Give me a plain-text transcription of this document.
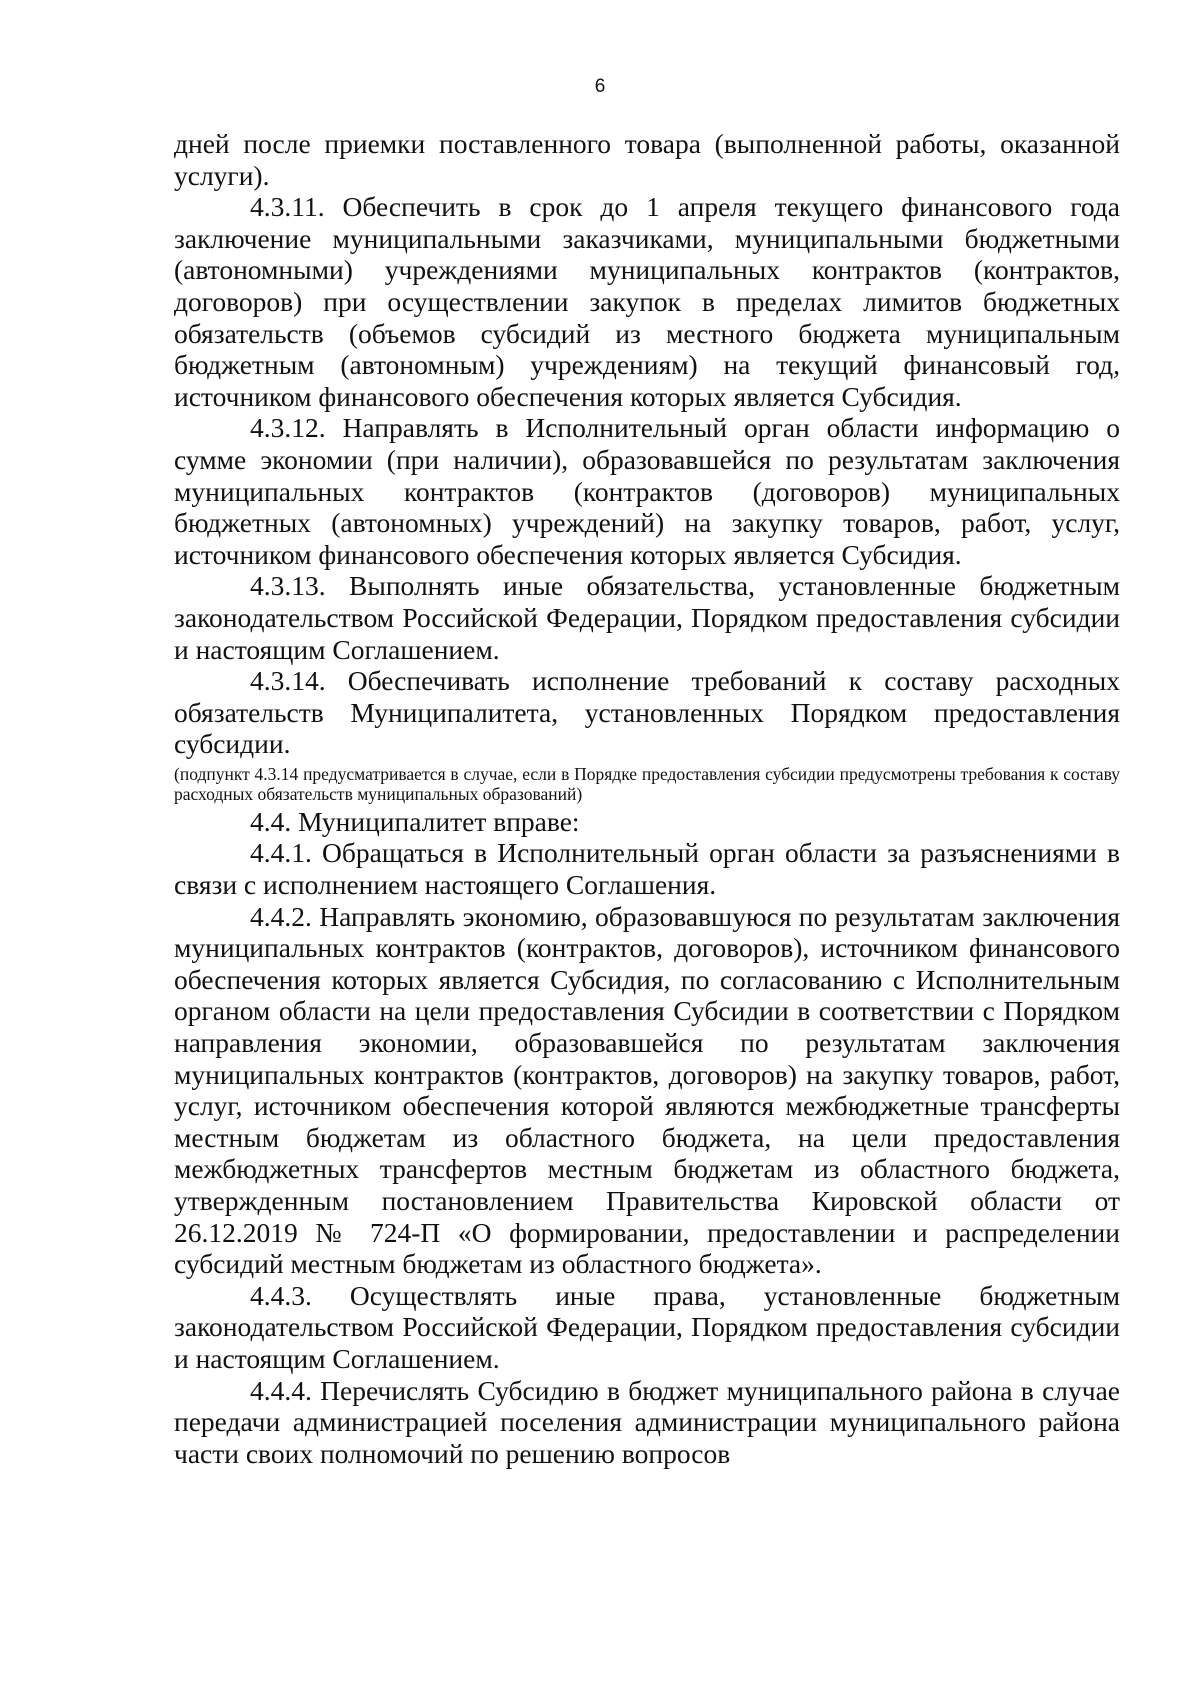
6

дней после приемки поставленного товара (выполненной работы, оказанной услуги).

4.3.11. Обеспечить в срок до 1 апреля текущего финансового года заключение муниципальными заказчиками, муниципальными бюджетными (автономными) учреждениями муниципальных контрактов (контрактов, договоров) при осуществлении закупок в пределах лимитов бюджетных обязательств (объемов субсидий из местного бюджета муниципальным бюджетным (автономным) учреждениям) на текущий финансовый год, источником финансового обеспечения которых является Субсидия.

4.3.12. Направлять в Исполнительный орган области информацию о сумме экономии (при наличии), образовавшейся по результатам заключения муниципальных контрактов (контрактов (договоров) муниципальных бюджетных (автономных) учреждений) на закупку товаров, работ, услуг, источником финансового обеспечения которых является Субсидия.

4.3.13. Выполнять иные обязательства, установленные бюджетным законодательством Российской Федерации, Порядком предоставления субсидии и настоящим Соглашением.

4.3.14. Обеспечивать исполнение требований к составу расходных обязательств Муниципалитета, установленных Порядком предоставления субсидии.

(подпункт 4.3.14 предусматривается в случае, если в Порядке предоставления субсидии предусмотрены требования к составу расходных обязательств муниципальных образований)

4.4. Муниципалитет вправе:

4.4.1. Обращаться в Исполнительный орган области за разъяснениями в связи с исполнением настоящего Соглашения.

4.4.2. Направлять экономию, образовавшуюся по результатам заключения муниципальных контрактов (контрактов, договоров), источником финансового обеспечения которых является Субсидия, по согласованию с Исполнительным органом области на цели предоставления Субсидии в соответствии с Порядком направления экономии, образовавшейся по результатам заключения муниципальных контрактов (контрактов, договоров) на закупку товаров, работ, услуг, источником обеспечения которой являются межбюджетные трансферты местным бюджетам из областного бюджета, на цели предоставления межбюджетных трансфертов местным бюджетам из областного бюджета, утвержденным постановлением Правительства Кировской области от 26.12.2019 № 724-П «О формировании, предоставлении и распределении субсидий местным бюджетам из областного бюджета».

4.4.3. Осуществлять иные права, установленные бюджетным законодательством Российской Федерации, Порядком предоставления субсидии и настоящим Соглашением.

4.4.4. Перечислять Субсидию в бюджет муниципального района в случае передачи администрацией поселения администрации муниципального района части своих полномочий по решению вопросов
